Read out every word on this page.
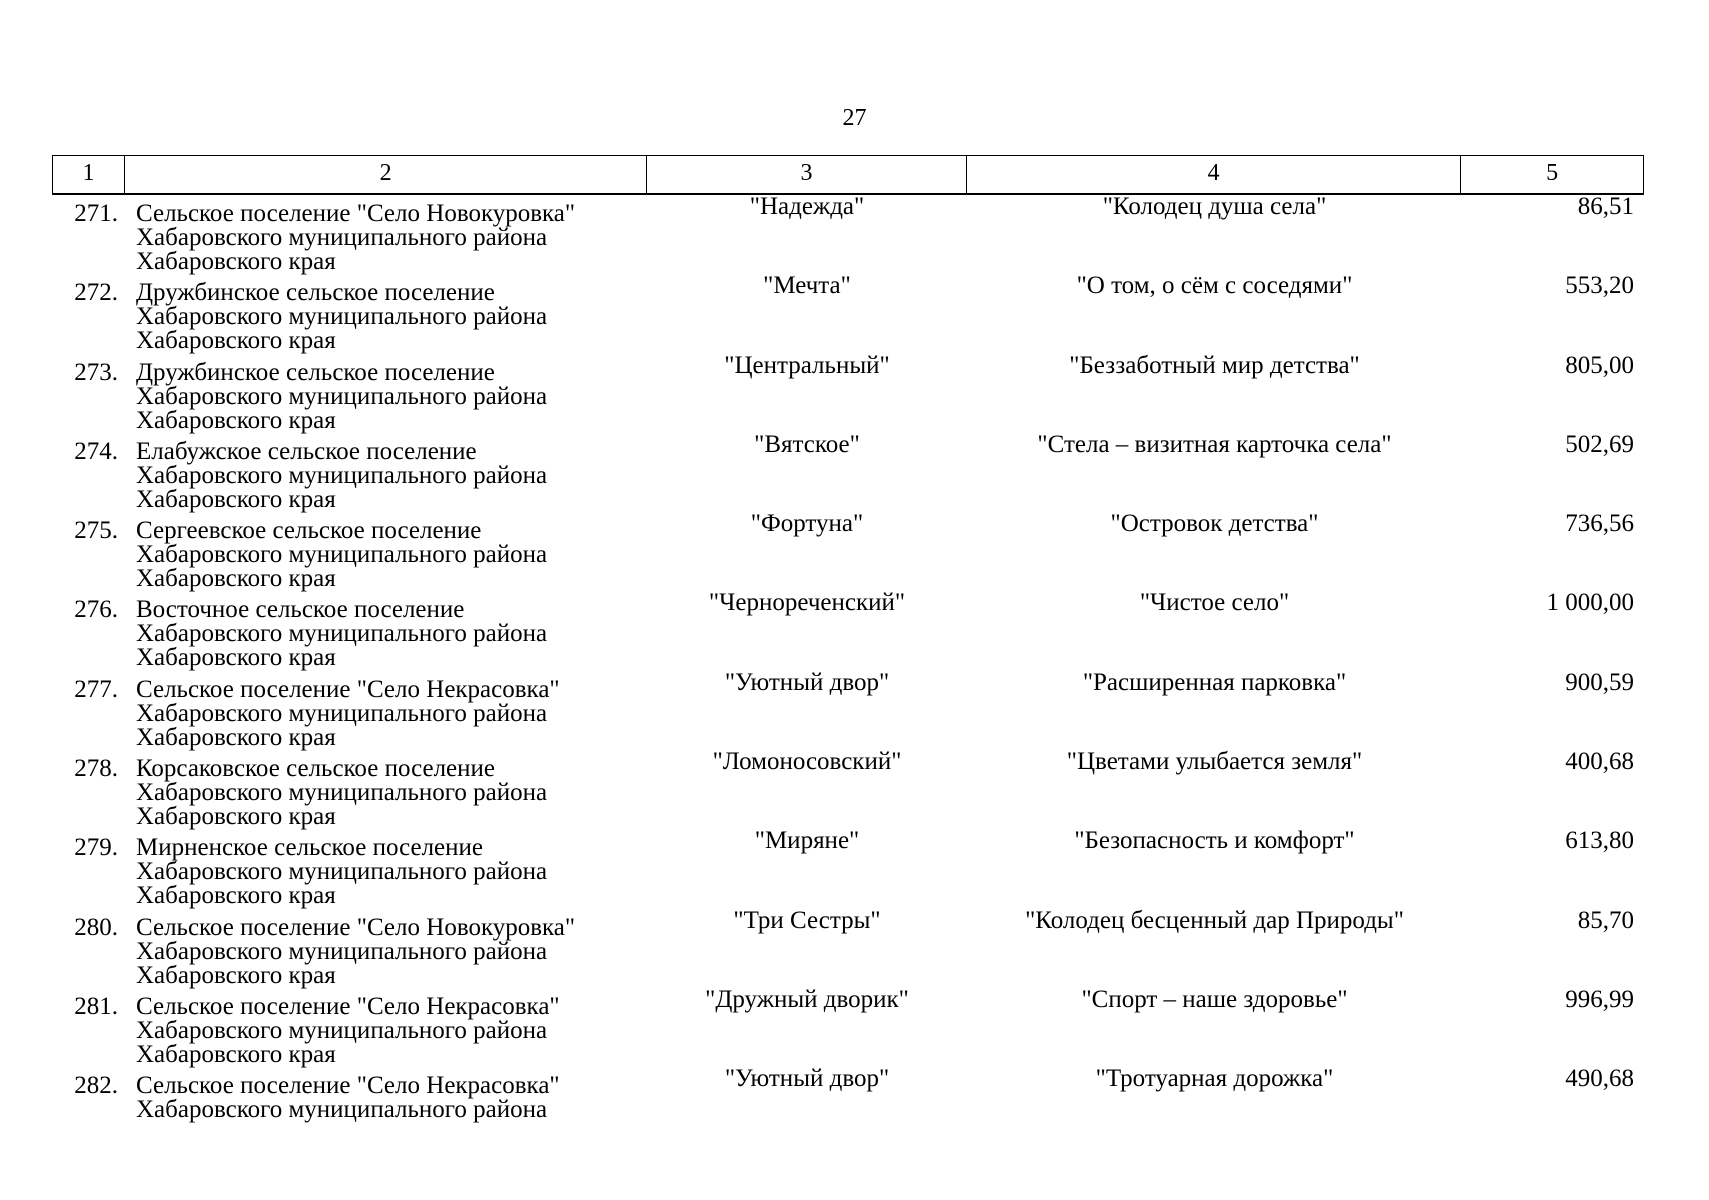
27
1	2	3	4	5
271. Сельское поселение "Село Новокуровка"
Хабаровского муниципального района
Хабаровского края
"Надежда"	"Колодец душа села"	86,51
272. Дружбинское сельское поселение
Хабаровского муниципального района
Хабаровского края
"Мечта"	"О том, о сём с соседями"	553,20
273. Дружбинское сельское поселение
Хабаровского муниципального района
Хабаровского края
"Центральный"	"Беззаботный мир детства"	805,00
274. Елабужское сельское поселение
Хабаровского муниципального района
Хабаровского края
"Вятское"	"Стела – визитная карточка села"	502,69
275. Сергеевское сельское поселение
Хабаровского муниципального района
Хабаровского края
"Фортуна"	"Островок детства"	736,56
276. Восточное сельское поселение
Хабаровского муниципального района
Хабаровского края
"Чернореченский"	"Чистое село"	1 000,00
277. Сельское поселение "Село Некрасовка"
Хабаровского муниципального района
Хабаровского края
"Уютный двор"	"Расширенная парковка"	900,59
278. Корсаковское сельское поселение
Хабаровского муниципального района
Хабаровского края
"Ломоносовский"	"Цветами улыбается земля"	400,68
279. Мирненское сельское поселение
Хабаровского муниципального района
Хабаровского края
"Миряне"	"Безопасность и комфорт"	613,80
280. Сельское поселение "Село Новокуровка"
Хабаровского муниципального района
Хабаровского края
"Три Сестры"	"Колодец бесценный дар Природы"	85,70
281. Сельское поселение "Село Некрасовка"
Хабаровского муниципального района
Хабаровского края
"Дружный дворик"	"Спорт – наше здоровье"	996,99
282. Сельское поселение "Село Некрасовка"
Хабаровского муниципального района
"Уютный двор"	"Тротуарная дорожка"	490,68
